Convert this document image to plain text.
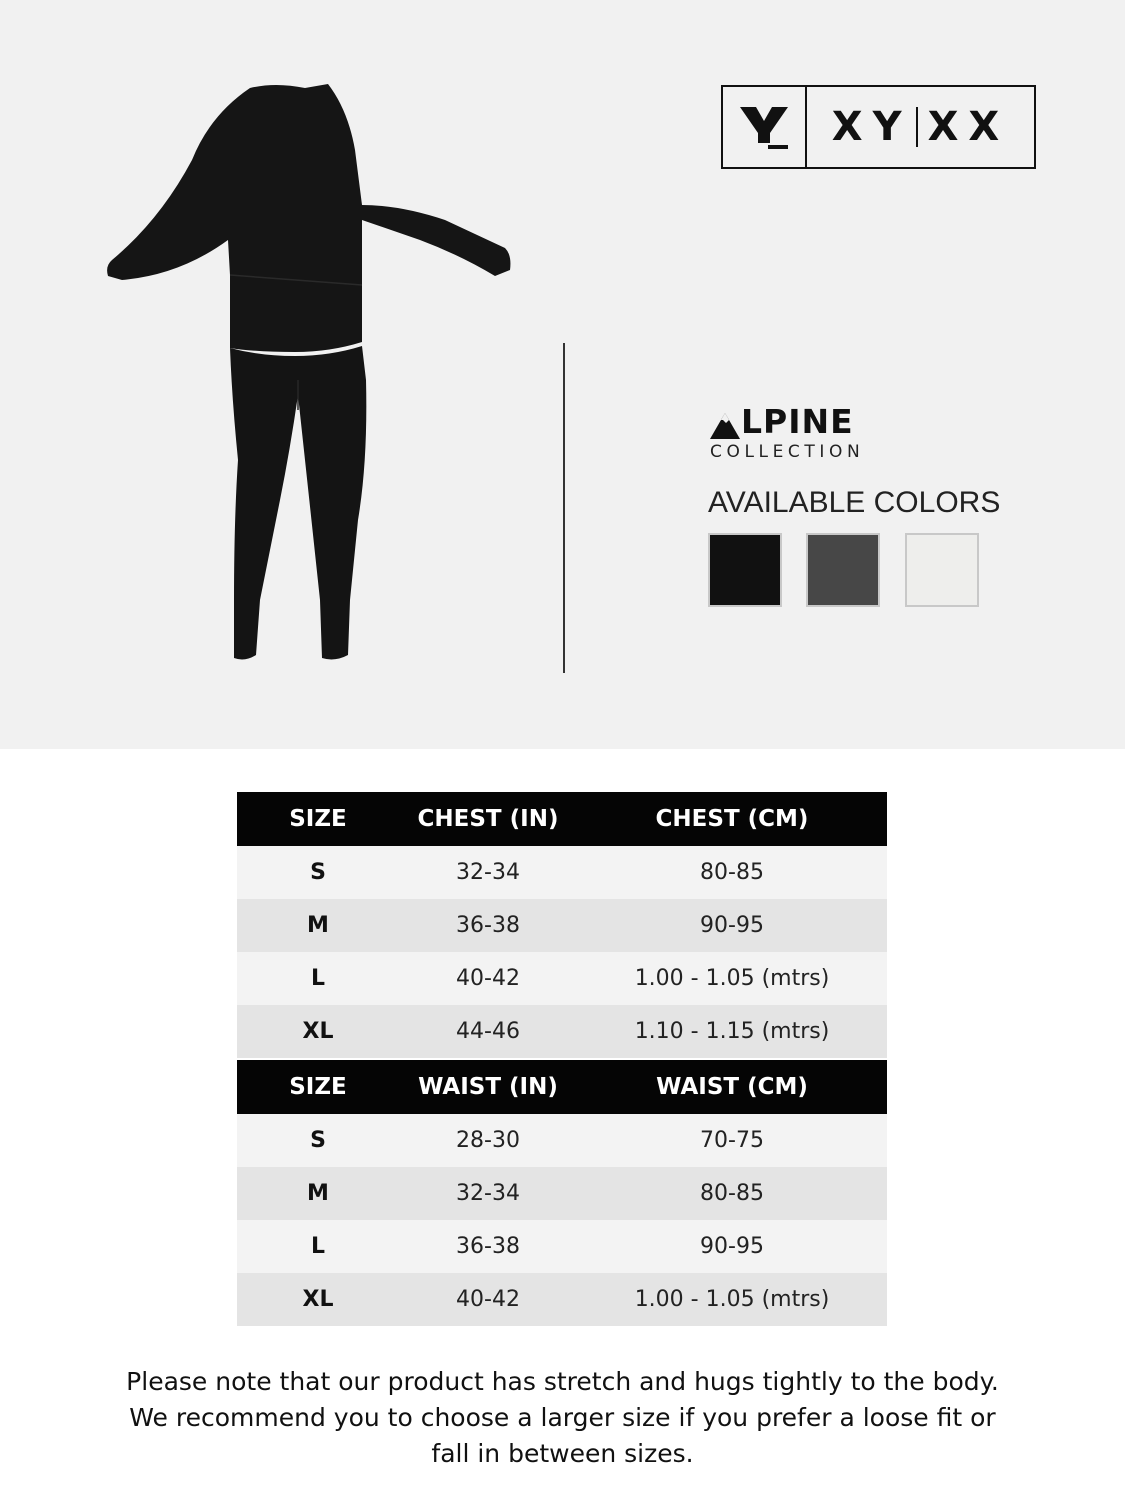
XY XX
LPINE
COLLECTION
AVAILABLE COLORS
SIZE	CHEST (IN)	CHEST (CM)
S	32-34	80-85
M	36-38	90-95
L	40-42	1.00 - 1.05 (mtrs)
XL	44-46	1.10 - 1.15 (mtrs)
SIZE	WAIST (IN)	WAIST (CM)
S	28-30	70-75
M	32-34	80-85
L	36-38	90-95
XL	40-42	1.00 - 1.05 (mtrs)
Please note that our product has stretch and hugs tightly to the body.
We recommend you to choose a larger size if you prefer a loose fit or
fall in between sizes.
